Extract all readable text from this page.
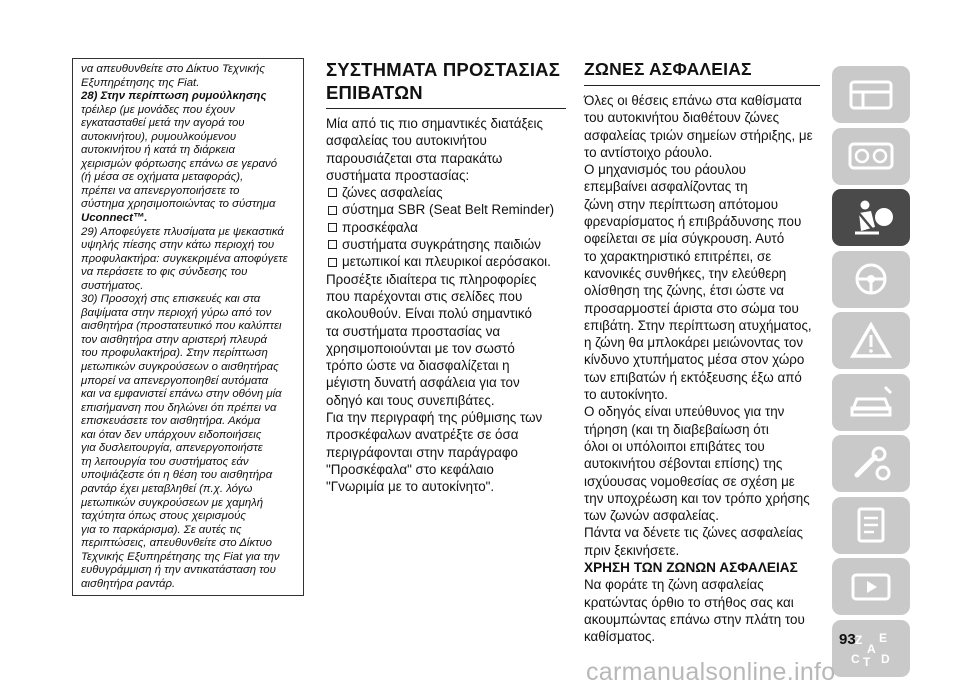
να απευθυνθείτε στο Δίκτυο Τεχνικής

Εξυπηρέτησης της Fiat.

28) Στην περίπτωση ρυμούλκησης

τρέιλερ (με μονάδες που έχουν

εγκατασταθεί μετά την αγορά του

αυτοκινήτου), ρυμουλκούμενου

αυτοκινήτου ή κατά τη διάρκεια

χειρισμών φόρτωσης επάνω σε γερανό

(ή μέσα σε οχήματα μεταφοράς),

πρέπει να απενεργοποιήσετε το

σύστημα χρησιμοποιώντας το σύστημα

Uconnect™.

29) Αποφεύγετε πλυσίματα με ψεκαστικά

υψηλής πίεσης στην κάτω περιοχή του

προφυλακτήρα: συγκεκριμένα αποφύγετε

να περάσετε το φις σύνδεσης του

συστήματος.

30) Προσοχή στις επισκευές και στα

βαψίματα στην περιοχή γύρω από τον

αισθητήρα (προστατευτικό που καλύπτει

τον αισθητήρα στην αριστερή πλευρά

του προφυλακτήρα). Στην περίπτωση

μετωπικών συγκρούσεων ο αισθητήρας

μπορεί να απενεργοποιηθεί αυτόματα

και να εμφανιστεί επάνω στην οθόνη μία

επισήμανση που δηλώνει ότι πρέπει να

επισκευάσετε τον αισθητήρα. Ακόμα

και όταν δεν υπάρχουν ειδοποιήσεις

για δυσλειτουργία, απενεργοποιήστε

τη λειτουργία του συστήματος εάν

υποψιάζεστε ότι η θέση του αισθητήρα

ραντάρ έχει μεταβληθεί (π.χ. λόγω

μετωπικών συγκρούσεων με χαμηλή

ταχύτητα όπως στους χειρισμούς

για το παρκάρισμα). Σε αυτές τις

περιπτώσεις, απευθυνθείτε στο Δίκτυο

Τεχνικής Εξυπηρέτησης της Fiat για την

ευθυγράμμιση ή την αντικατάσταση του

αισθητήρα ραντάρ.

ΣΥΣΤΗΜΑΤΑ ΠΡΟΣΤΑΣΙΑΣ
ΕΠΙΒΑΤΩΝ

Μία από τις πιο σημαντικές διατάξεις
ασφαλείας του αυτοκινήτου
παρουσιάζεται στα παρακάτω
συστήματα προστασίας:

ζώνες ασφαλείας
σύστημα SBR (Seat Belt Reminder)
προσκέφαλα
συστήματα συγκράτησης παιδιών
μετωπικοί και πλευρικοί αερόσακοι.

Προσέξτε ιδιαίτερα τις πληροφορίες
που παρέχονται στις σελίδες που
ακολουθούν. Είναι πολύ σημαντικό
τα συστήματα προστασίας να
χρησιμοποιούνται με τον σωστό
τρόπο ώστε να διασφαλίζεται η
μέγιστη δυνατή ασφάλεια για τον
οδηγό και τους συνεπιβάτες.
Για την περιγραφή της ρύθμισης των
προσκέφαλων ανατρέξτε σε όσα
περιγράφονται στην παράγραφο
"Προσκέφαλα" στο κεφάλαιο
"Γνωριμία με το αυτοκίνητο".

ΖΩΝΕΣ ΑΣΦΑΛΕΙΑΣ

Όλες οι θέσεις επάνω στα καθίσματα
του αυτοκινήτου διαθέτουν ζώνες
ασφαλείας τριών σημείων στήριξης, με
το αντίστοιχο ράουλο.
Ο μηχανισμός του ράουλου
επεμβαίνει ασφαλίζοντας τη
ζώνη στην περίπτωση απότομου
φρεναρίσματος ή επιβράδυνσης που
οφείλεται σε μία σύγκρουση. Αυτό
το χαρακτηριστικό επιτρέπει, σε
κανονικές συνθήκες, την ελεύθερη
ολίσθηση της ζώνης, έτσι ώστε να
προσαρμοστεί άριστα στο σώμα του
επιβάτη. Στην περίπτωση ατυχήματος,
η ζώνη θα μπλοκάρει μειώνοντας τον
κίνδυνο χτυπήματος μέσα στον χώρο
των επιβατών ή εκτόξευσης έξω από
το αυτοκίνητο.
Ο οδηγός είναι υπεύθυνος για την
τήρηση (και τη διαβεβαίωση ότι
όλοι οι υπόλοιποι επιβάτες του
αυτοκινήτου σέβονται επίσης) της
ισχύουσας νομοθεσίας σε σχέση με
την υποχρέωση και τον τρόπο χρήσης
των ζωνών ασφαλείας.
Πάντα να δένετε τις ζώνες ασφαλείας
πριν ξεκινήσετε.

ΧΡΗΣΗ ΤΩΝ ΖΩΝΩΝ ΑΣΦΑΛΕΙΑΣ

Να φοράτε τη ζώνη ασφαλείας
κρατώντας όρθιο το στήθος σας και
ακουμπώντας επάνω στην πλάτη του
καθίσματος.	Z E
A
C T D
93
carmanualsonline.info
